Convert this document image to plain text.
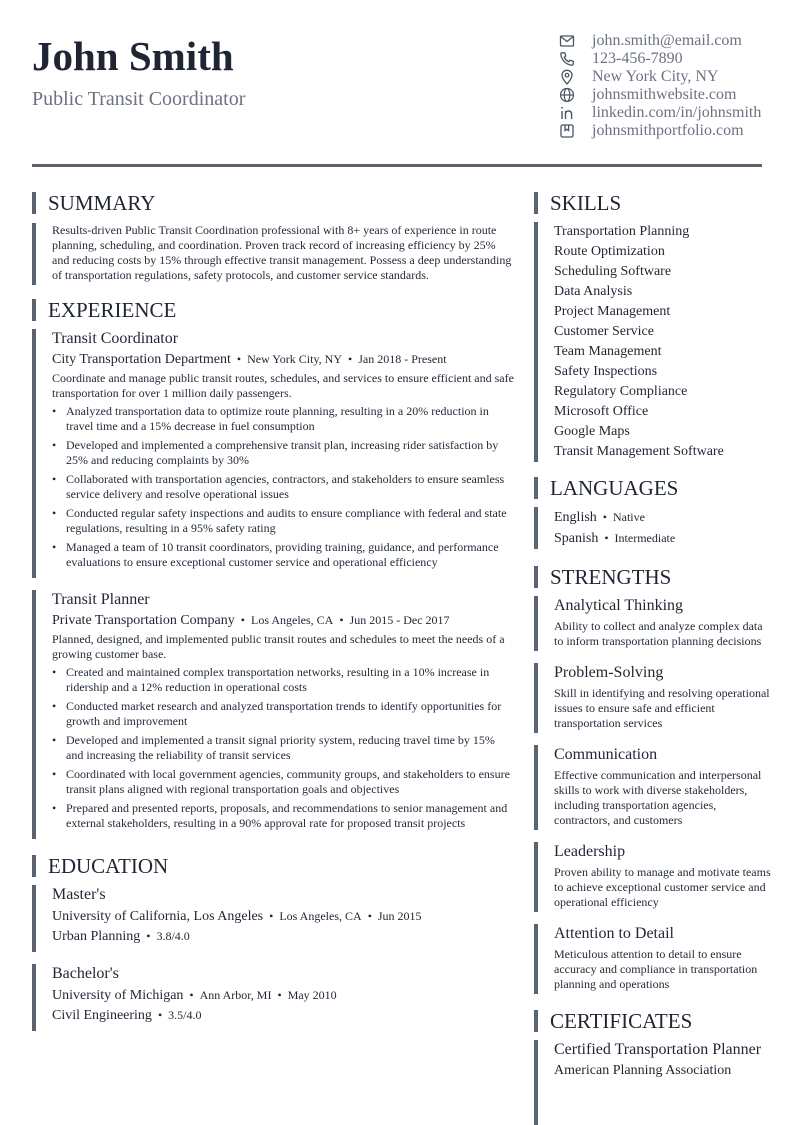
John Smith
Public Transit Coordinator
john.smith@email.com
123-456-7890
New York City, NY
johnsmithwebsite.com
linkedin.com/in/johnsmith
johnsmithportfolio.com
SUMMARY
Results-driven Public Transit Coordination professional with 8+ years of experience in route planning, scheduling, and coordination. Proven track record of increasing efficiency by 25% and reducing costs by 15% through effective transit management. Possess a deep understanding of transportation regulations, safety protocols, and customer service standards.
EXPERIENCE
Transit Coordinator
City Transportation Department • New York City, NY • Jan 2018 - Present
Coordinate and manage public transit routes, schedules, and services to ensure efficient and safe transportation for over 1 million daily passengers.
• Analyzed transportation data to optimize route planning, resulting in a 20% reduction in travel time and a 15% decrease in fuel consumption
• Developed and implemented a comprehensive transit plan, increasing rider satisfaction by 25% and reducing complaints by 30%
• Collaborated with transportation agencies, contractors, and stakeholders to ensure seamless service delivery and resolve operational issues
• Conducted regular safety inspections and audits to ensure compliance with federal and state regulations, resulting in a 95% safety rating
• Managed a team of 10 transit coordinators, providing training, guidance, and performance evaluations to ensure exceptional customer service and operational efficiency
Transit Planner
Private Transportation Company • Los Angeles, CA • Jun 2015 - Dec 2017
Planned, designed, and implemented public transit routes and schedules to meet the needs of a growing customer base.
• Created and maintained complex transportation networks, resulting in a 10% increase in ridership and a 12% reduction in operational costs
• Conducted market research and analyzed transportation trends to identify opportunities for growth and improvement
• Developed and implemented a transit signal priority system, reducing travel time by 15% and increasing the reliability of transit services
• Coordinated with local government agencies, community groups, and stakeholders to ensure transit plans aligned with regional transportation goals and objectives
• Prepared and presented reports, proposals, and recommendations to senior management and external stakeholders, resulting in a 90% approval rate for proposed transit projects
EDUCATION
Master's
University of California, Los Angeles • Los Angeles, CA • Jun 2015
Urban Planning • 3.8/4.0
Bachelor's
University of Michigan • Ann Arbor, MI • May 2010
Civil Engineering • 3.5/4.0
SKILLS
Transportation Planning
Route Optimization
Scheduling Software
Data Analysis
Project Management
Customer Service
Team Management
Safety Inspections
Regulatory Compliance
Microsoft Office
Google Maps
Transit Management Software
LANGUAGES
English • Native
Spanish • Intermediate
STRENGTHS
Analytical Thinking
Ability to collect and analyze complex data to inform transportation planning decisions
Problem-Solving
Skill in identifying and resolving operational issues to ensure safe and efficient transportation services
Communication
Effective communication and interpersonal skills to work with diverse stakeholders, including transportation agencies, contractors, and customers
Leadership
Proven ability to manage and motivate teams to achieve exceptional customer service and operational efficiency
Attention to Detail
Meticulous attention to detail to ensure accuracy and compliance in transportation planning and operations
CERTIFICATES
Certified Transportation Planner
American Planning Association
